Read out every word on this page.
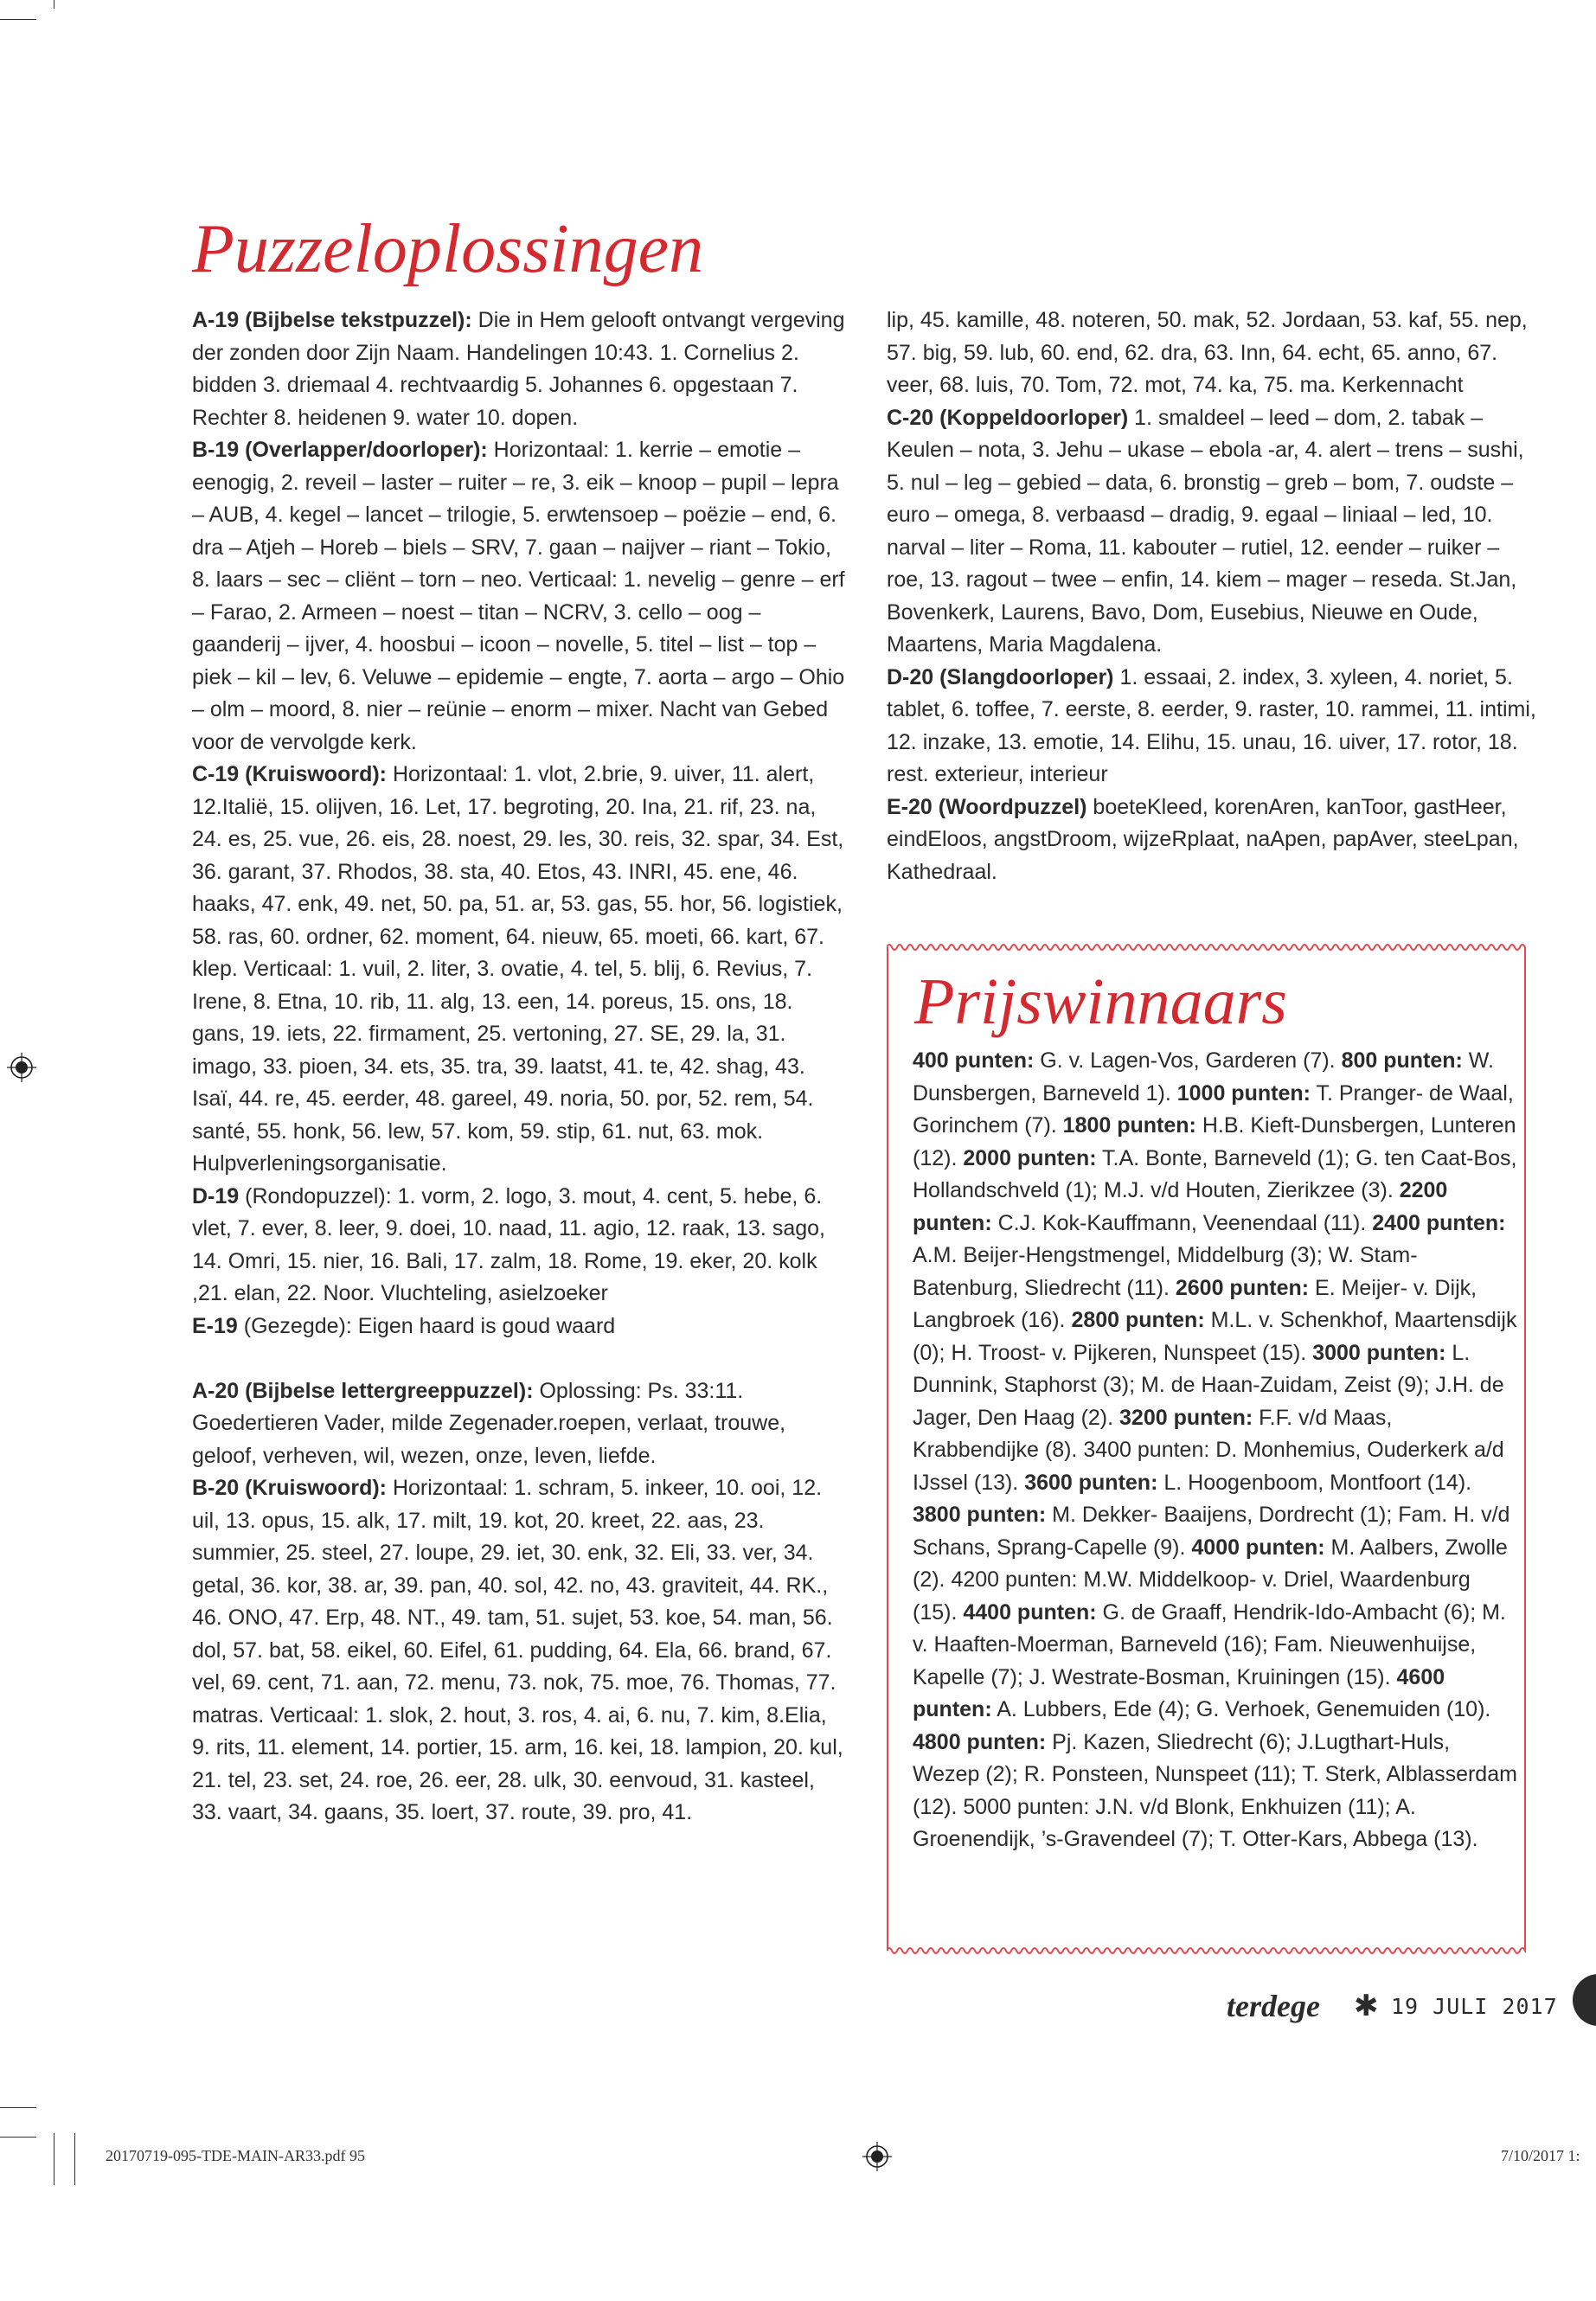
Puzzeloplossingen

A-19 (Bijbelse tekstpuzzel): Die in Hem gelooft ontvangt vergeving der zonden door Zijn Naam. Handelingen 10:43. 1. Cornelius 2. bidden 3. driemaal 4. rechtvaardig 5. Johannes 6. opgestaan 7. Rechter 8. heidenen 9. water 10. dopen.

B-19 (Overlapper/doorloper): Horizontaal: 1. kerrie – emotie – eenogig, 2. reveil – laster – ruiter – re, 3. eik – knoop – pupil – lepra – AUB, 4. kegel – lancet – trilogie, 5. erwtensoep – poëzie – end, 6. dra – Atjeh – Horeb – biels – SRV, 7. gaan – naijver – riant – Tokio, 8. laars – sec – cliënt – torn – neo. Verticaal: 1. nevelig – genre – erf – Farao, 2. Armeen – noest – titan – NCRV, 3. cello – oog – gaanderij – ijver, 4. hoosbui – icoon – novelle, 5. titel – list – top – piek – kil – lev, 6. Veluwe – epidemie – engte, 7. aorta – argo – Ohio – olm – moord, 8. nier – reünie – enorm – mixer. Nacht van Gebed voor de vervolgde kerk.

C-19 (Kruiswoord): Horizontaal: 1. vlot, 2.brie, 9. uiver, 11. alert, 12.Italië, 15. olijven, 16. Let, 17. begroting, 20. Ina, 21. rif, 23. na, 24. es, 25. vue, 26. eis, 28. noest, 29. les, 30. reis, 32. spar, 34. Est, 36. garant, 37. Rhodos, 38. sta, 40. Etos, 43. INRI, 45. ene, 46. haaks, 47. enk, 49. net, 50. pa, 51. ar, 53. gas, 55. hor, 56. logistiek, 58. ras, 60. ordner, 62. moment, 64. nieuw, 65. moeti, 66. kart, 67. klep. Verticaal: 1. vuil, 2. liter, 3. ovatie, 4. tel, 5. blij, 6. Revius, 7. Irene, 8. Etna, 10. rib, 11. alg, 13. een, 14. poreus, 15. ons, 18. gans, 19. iets, 22. firmament, 25. vertoning, 27. SE, 29. la, 31. imago, 33. pioen, 34. ets, 35. tra, 39. laatst, 41. te, 42. shag, 43. Isaï, 44. re, 45. eerder, 48. gareel, 49. noria, 50. por, 52. rem, 54. santé, 55. honk, 56. lew, 57. kom, 59. stip, 61. nut, 63. mok. Hulpverleningsorganisatie.

D-19 (Rondopuzzel): 1. vorm, 2. logo, 3. mout, 4. cent, 5. hebe, 6. vlet, 7. ever, 8. leer, 9. doei, 10. naad, 11. agio, 12. raak, 13. sago, 14. Omri, 15. nier, 16. Bali, 17. zalm, 18. Rome, 19. eker, 20. kolk ,21. elan, 22. Noor. Vluchteling, asielzoeker

E-19 (Gezegde): Eigen haard is goud waard

A-20 (Bijbelse lettergreeppuzzel): Oplossing: Ps. 33:11. Goedertieren Vader, milde Zegenader.roepen, verlaat, trouwe, geloof, verheven, wil, wezen, onze, leven, liefde.

B-20 (Kruiswoord): Horizontaal: 1. schram, 5. inkeer, 10. ooi, 12. uil, 13. opus, 15. alk, 17. milt, 19. kot, 20. kreet, 22. aas, 23. summier, 25. steel, 27. loupe, 29. iet, 30. enk, 32. Eli, 33. ver, 34. getal, 36. kor, 38. ar, 39. pan, 40. sol, 42. no, 43. graviteit, 44. RK., 46. ONO, 47. Erp, 48. NT., 49. tam, 51. sujet, 53. koe, 54. man, 56. dol, 57. bat, 58. eikel, 60. Eifel, 61. pudding, 64. Ela, 66. brand, 67. vel, 69. cent, 71. aan, 72. menu, 73. nok, 75. moe, 76. Thomas, 77. matras. Verticaal: 1. slok, 2. hout, 3. ros, 4. ai, 6. nu, 7. kim, 8.Elia, 9. rits, 11. element, 14. portier, 15. arm, 16. kei, 18. lampion, 20. kul, 21. tel, 23. set, 24. roe, 26. eer, 28. ulk, 30. eenvoud, 31. kasteel, 33. vaart, 34. gaans, 35. loert, 37. route, 39. pro, 41.

lip, 45. kamille, 48. noteren, 50. mak, 52. Jordaan, 53. kaf, 55. nep, 57. big, 59. lub, 60. end, 62. dra, 63. Inn, 64. echt, 65. anno, 67. veer, 68. luis, 70. Tom, 72. mot, 74. ka, 75. ma. Kerkennacht

C-20 (Koppeldoorloper) 1. smaldeel – leed – dom, 2. tabak – Keulen – nota, 3. Jehu – ukase – ebola -ar, 4. alert – trens – sushi, 5. nul – leg – gebied – data, 6. bronstig – greb – bom, 7. oudste – euro – omega, 8. verbaasd – dradig, 9. egaal – liniaal – led, 10. narval – liter – Roma, 11. kabouter – rutiel, 12. eender – ruiker – roe, 13. ragout – twee – enfin, 14. kiem – mager – reseda. St.Jan, Bovenkerk, Laurens, Bavo, Dom, Eusebius, Nieuwe en Oude, Maartens, Maria Magdalena.

D-20 (Slangdoorloper) 1. essaai, 2. index, 3. xyleen, 4. noriet, 5. tablet, 6. toffee, 7. eerste, 8. eerder, 9. raster, 10. rammei, 11. intimi, 12. inzake, 13. emotie, 14. Elihu, 15. unau, 16. uiver, 17. rotor, 18. rest. exterieur, interieur

E-20 (Woordpuzzel) boeteKleed, korenAren, kanToor, gastHeer, eindEloos, angstDroom, wijzeRplaat, naApen, papAver, steeLpan, Kathedraal.

Prijswinnaars

400 punten: G. v. Lagen-Vos, Garderen (7). 800 punten: W. Dunsbergen, Barneveld 1). 1000 punten: T. Pranger- de Waal, Gorinchem (7). 1800 punten: H.B. Kieft-Dunsbergen, Lunteren (12). 2000 punten: T.A. Bonte, Barneveld (1); G. ten Caat-Bos, Hollandschveld (1); M.J. v/d Houten, Zierikzee (3). 2200 punten: C.J. Kok-Kauffmann, Veenendaal (11). 2400 punten: A.M. Beijer-Hengstmengel, Middelburg (3); W. Stam- Batenburg, Sliedrecht (11). 2600 punten: E. Meijer- v. Dijk, Langbroek (16). 2800 punten: M.L. v. Schenkhof, Maartensdijk (0); H. Troost- v. Pijkeren, Nunspeet (15). 3000 punten: L. Dunnink, Staphorst (3); M. de Haan-Zuidam, Zeist (9); J.H. de Jager, Den Haag (2). 3200 punten: F.F. v/d Maas, Krabbendijke (8). 3400 punten: D. Monhemius, Ouderkerk a/d IJssel (13). 3600 punten: L. Hoogenboom, Montfoort (14). 3800 punten: M. Dekker- Baaijens, Dordrecht (1); Fam. H. v/d Schans, Sprang-Capelle (9). 4000 punten: M. Aalbers, Zwolle (2). 4200 punten: M.W. Middelkoop- v. Driel, Waardenburg (15). 4400 punten: G. de Graaff, Hendrik-Ido-Ambacht (6); M. v. Haaften-Moerman, Barneveld (16); Fam. Nieuwenhuijse, Kapelle (7); J. Westrate-Bosman, Kruiningen (15). 4600 punten: A. Lubbers, Ede (4); G. Verhoek, Genemuiden (10). 4800 punten: Pj. Kazen, Sliedrecht (6); J.Lugthart-Huls, Wezep (2); R. Ponsteen, Nunspeet (11); T. Sterk, Alblasserdam (12). 5000 punten: J.N. v/d Blonk, Enkhuizen (11); A. Groenendijk, ’s-Gravendeel (7); T. Otter-Kars, Abbega (13).

terdege ✱ 19 JULI 2017
20170719-095-TDE-MAIN-AR33.pdf 95	7/10/2017 1:
